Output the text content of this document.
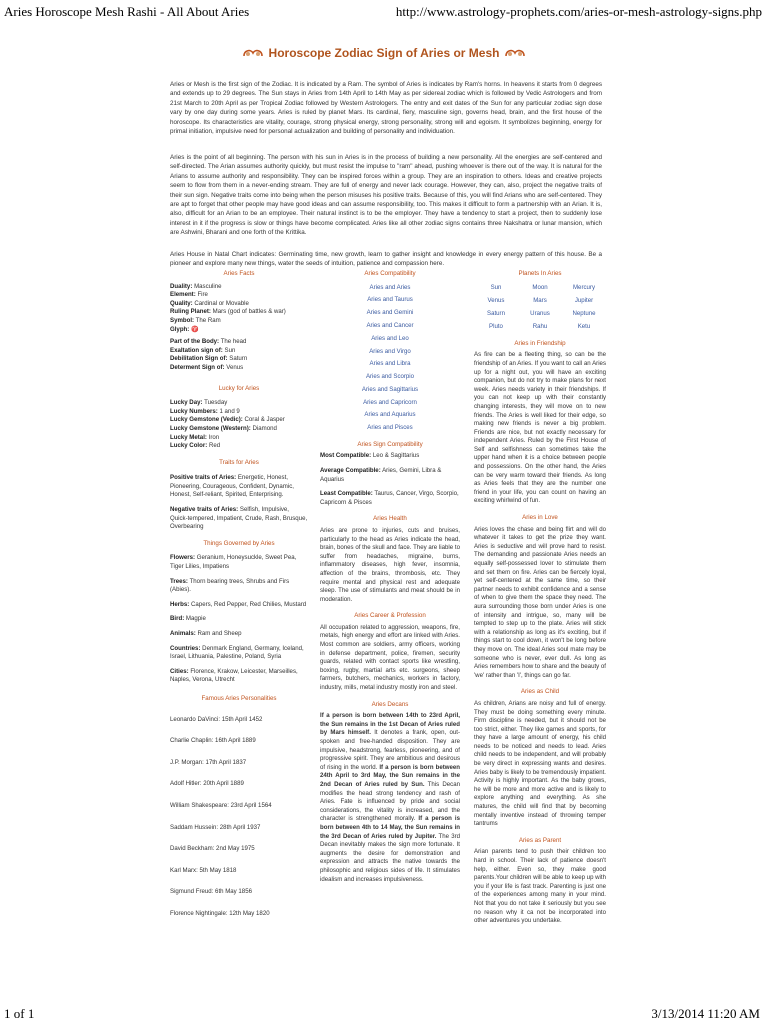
Aries Horoscope Mesh Rashi - All About Aries	http://www.astrology-prophets.com/aries-or-mesh-astrology-signs.php
Horoscope Zodiac Sign of Aries or Mesh
Aries or Mesh is the first sign of the Zodiac. It is indicated by a Ram. The symbol of Aries is indicates by Ram's horns. In heavens it starts from 0 degrees and extends up to 29 degrees. The Sun stays in Aries from 14th April to 14th May as per sidereal zodiac which is followed by Vedic Astrologers and from 21st March to 20th April as per Tropical Zodiac followed by Western Astrologers. The entry and exit dates of the Sun for any particular zodiac sign dose vary by one day during some years. Aries is ruled by planet Mars. Its cardinal, fiery, masculine sign, governs head, brain, and the first house of the horoscope. Its characteristics are vitality, courage, strong physical energy, strong personality, strong will and egoism. It symbolizes beginning, energy for primal initiation, impulsive need for personal actualization and building of personality and individuation.
Aries is the point of all beginning. The person with his sun in Aries is in the process of building a new personality. All the energies are self-centered and self-directed. The Arian assumes authority quickly, but must resist the impulse to "ram" ahead, pushing whoever is there out of the way. It is natural for the Arians to assume authority and responsibility. They can be inspired forces within a group. They are an inspiration to others. Ideas and creative projects seem to flow from them in a never-ending stream. They are full of energy and never lack courage. However, they can, also, project the negative traits of their sun sign. Negative traits come into being when the person misuses his positive traits. Because of this, you will find Arians who are self-centered. They are apt to forget that other people may have good ideas and can assume responsibility, too. This makes it difficult to form a partnership with an Arian. It is, also, difficult for an Arian to be an employee. Their natural instinct is to be the employer. They have a tendency to start a project, then to suddenly lose interest in it if the progress is slow or things have become complicated. Aries like all other zodiac signs contains three Nakshatra or lunar mansion, which are Ashwini, Bharani and one forth of the Krittika.
Aries House in Natal Chart indicates: Germinating time, new growth, learn to gather insight and knowledge in every energy pattern of this house. Be a pioneer and explore many new things, water the seeds of intuition, patience and compassion here.

Aries Facts

Duality: Masculine

Element: Fire

Quality: Cardinal or Movable

Ruling Planet: Mars (god of battles & war)

Symbol: The Ram

Glyph: ♈

Part of the Body: The head

Exaltation sign of: Sun

Debilitation Sign of: Saturn

Determent Sign of: Venus

Lucky for Aries

Lucky Day: Tuesday

Lucky Numbers: 1 and 9

Lucky Gemstone (Vedic): Coral & Jasper

Lucky Gemstone (Western): Diamond

Lucky Metal: Iron

Lucky Color: Red

Traits for Aries

Positive traits of Aries: Energetic, Honest, Pioneering, Courageous, Confident, Dynamic, Honest, Self-reliant, Spirited, Enterprising.

Negative traits of Aries: Selfish, Impulsive, Quick-tempered, Impatient, Crude, Rash, Brusque, Overbearing

Things Governed by Aries

Flowers: Geranium, Honeysuckle, Sweet Pea, Tiger Lilies, Impatiens

Trees: Thorn bearing trees, Shrubs and Firs (Abies).

Herbs: Capers, Red Pepper, Red Chilies, Mustard

Bird: Magpie

Animals: Ram and Sheep

Countries: Denmark England, Germany, Iceland, Israel, Lithuania, Palestine, Poland, Syria

Cities: Florence, Krakow, Leicester, Marseilles, Naples, Verona, Utrecht

Famous Aries Personalities

Leonardo DaVinci: 15th April 1452

Charlie Chaplin: 16th April 1889

J.P. Morgan: 17th April 1837

Adolf Hitler: 20th April 1889

William Shakespeare: 23rd April 1564

Saddam Hussein: 28th April 1937

David Beckham: 2nd May 1975

Karl Marx: 5th May 1818

Sigmund Freud: 6th May 1856

Florence Nightingale: 12th May 1820

Aries Compatibility

Aries and Aries

Aries and Taurus

Aries and Gemini

Aries and Cancer

Aries and Leo

Aries and Virgo

Aries and Libra

Aries and Scorpio

Aries and Sagittarius

Aries and Capricorn

Aries and Aquarius

Aries and Pisces

Aries Sign Compatibility

Most Compatible: Leo & Sagittarius

Average Compatible: Aries, Gemini, Libra & Aquarius

Least Compatible: Taurus, Cancer, Virgo, Scorpio, Capricorn & Pisces

Aries Health

Aries are prone to injuries, cuts and bruises, particularly to the head as Aries indicate the head, brain, bones of the skull and face. They are liable to suffer from headaches, migraine, burns, inflammatory diseases, high fever, insomnia, affection of the brains, thrombosis, etc. They require mental and physical rest and adequate sleep. The use of stimulants and meat should be in moderation.

Aries Career & Profession

All occupation related to aggression, weapons, fire, metals, high energy and effort are linked with Aries. Most common are soldiers, army officers, working in defense department, police, firemen, security guards, related with contact sports like wrestling, boxing, rugby, martial arts etc. surgeons, sheep farmers, butchers, mechanics, workers in factory, industry, mills, metal industry mostly iron and steel.

Aries Decans

If a person is born between 14th to 23rd April, the Sun remains in the 1st Decan of Aries ruled by Mars himself. It denotes a frank, open, out-spoken and free-handed disposition. They are impulsive, headstrong, fearless, pioneering, and of progressive spirit. They are ambitious and desirous of rising in the world. If a person is born between 24th April to 3rd May, the Sun remains in the 2nd Decan of Aries ruled by Sun. This Decan modifies the head strong tendency and rash of Aries. Fate is influenced by pride and social considerations, the vitality is increased, and the character is strengthened morally. If a person is born between 4th to 14 May, the Sun remains in the 3rd Decan of Aries ruled by Jupiter. The 3rd Decan inevitably makes the sign more fortunate. It augments the desire for demonstration and expression and attracts the native towards the philosophic and religious sides of life. It stimulates idealism and increases impulsiveness.

Planets In Aries

Sun	Moon	Mercury
Venus	Mars	Jupiter
Saturn	Uranus	Neptune
Pluto	Rahu	Ketu

Aries in Friendship

As fire can be a fleeting thing, so can be the friendship of an Aries. If you want to call an Aries up for a night out, you will have an exciting companion, but do not try to make plans for next week. Aries needs variety in their friendships. If you can not keep up with their constantly changing interests, they will move on to new friends. The Aries is well liked for their edge, so making new friends is never a big problem. Friends are nice, but not exactly necessary for independent Aries. Ruled by the First House of Self and selfishness can sometimes take the upper hand when it is a choice between people and possessions. On the other hand, the Aries can be very warm toward their friends. As long as Aries feels that they are the number one friend in your life, you can count on having an exciting whirlwind of fun.

Aries in Love

Aries loves the chase and being flirt and will do whatever it takes to get the prize they want. Aries is seductive and will prove hard to resist. The demanding and passionate Aries needs an equally self-possessed lover to stimulate them and set them on fire. Aries can be fiercely loyal, yet self-centered at the same time, so their partner needs to exhibit confidence and a sense of when to give them the space they need. The aura surrounding those born under Aries is one of intensity and intrigue, so, many will be tempted to step up to the plate. Aries will stick with a relationship as long as it's exciting, but if things start to cool down, it won't be long before they move on. The ideal Aries soul mate may be someone who is never, ever dull. As long as Aries remembers how to share and the beauty of 'we' rather than 'I', things can go far.

Aries as Child

As children, Arians are noisy and full of energy. They must be doing something every minute. Firm discipline is needed, but it should not be too strict, either. They like games and sports, for they have a large amount of energy, his child needs to be noticed and needs to lead. Aries child needs to be independent, and will probably be very direct in expressing wants and desires. Aries baby is likely to be tremendously impatient. Activity is highly important. As the baby grows, he will be more and more active and is likely to explore anything and everything. As she matures, the child will find that by becoming mentally inventive instead of throwing temper tantrums

Aries as Parent

Arian parents tend to push their children too hard in school. Their lack of patience doesn't help, either. Even so, they make good parents.Your children will be able to keep up with you if your life is fast track. Parenting is just one of the experiences among many in your mind. Not that you do not take it seriously but you see no reason why it ca not be incorporated into other adventures you undertake.

1 of 1	3/13/2014 11:20 AM
